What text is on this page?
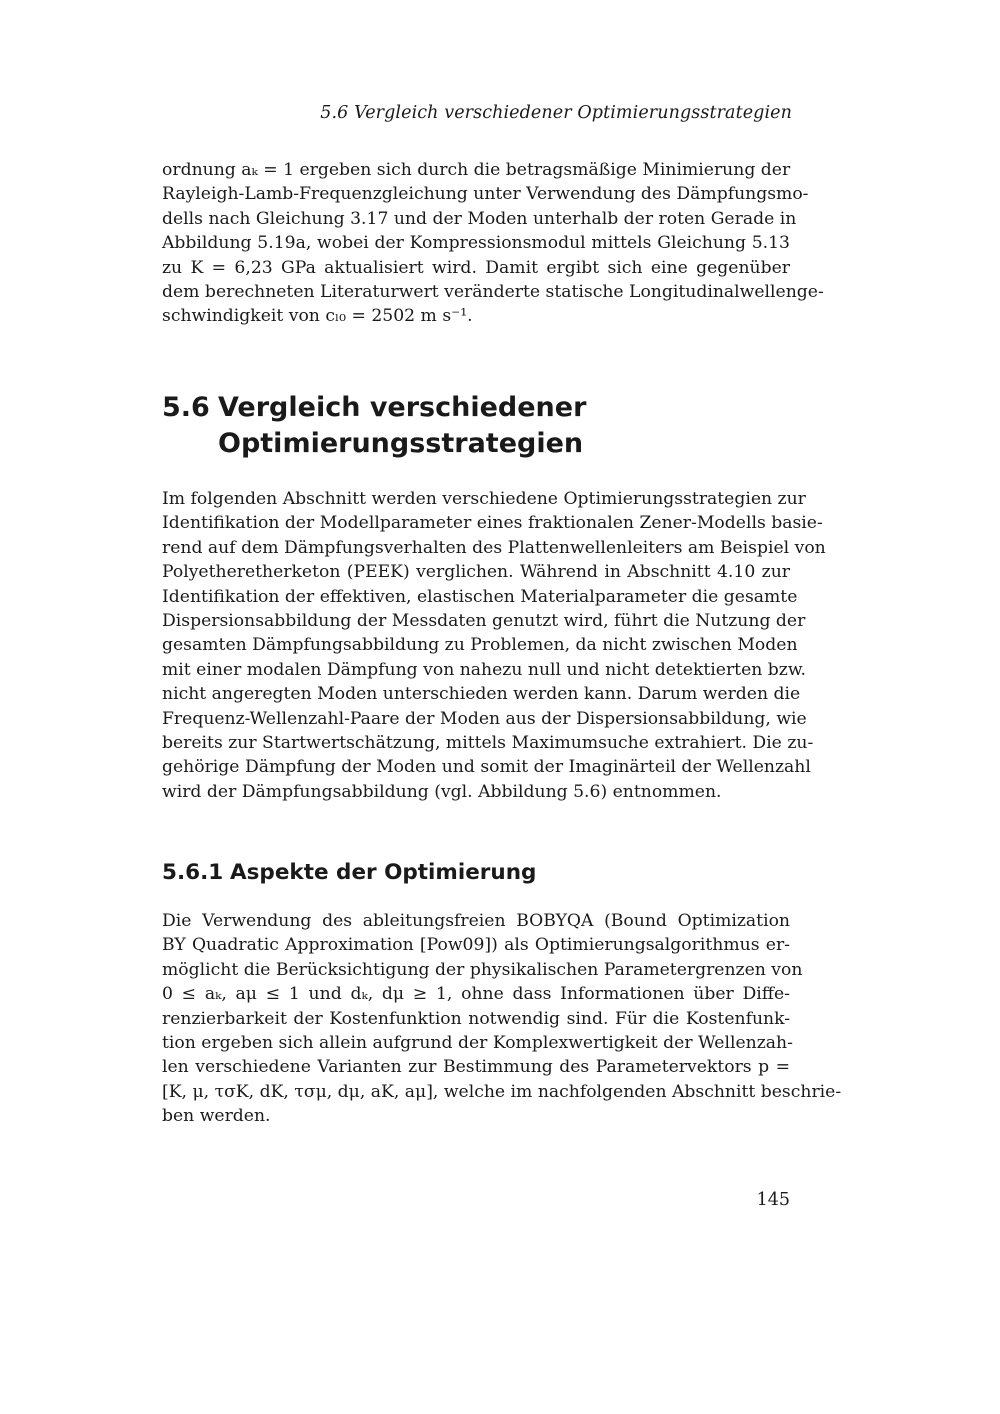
5.6 Vergleich verschiedener Optimierungsstrategien
ordnung aₖ = 1 ergeben sich durch die betragsmäßige Minimierung der
Rayleigh-Lamb-Frequenzgleichung unter Verwendung des Dämpfungsmo-
dells nach Gleichung 3.17 und der Moden unterhalb der roten Gerade in
Abbildung 5.19a, wobei der Kompressionsmodul mittels Gleichung 5.13
zu K = 6,23 GPa aktualisiert wird. Damit ergibt sich eine gegenüber
dem berechneten Literaturwert veränderte statische Longitudinalwellenge-
schwindigkeit von cₗ₀ = 2502 m s⁻¹.
5.6 Vergleich verschiedener
Optimierungsstrategien
Im folgenden Abschnitt werden verschiedene Optimierungsstrategien zur
Identifikation der Modellparameter eines fraktionalen Zener-Modells basie-
rend auf dem Dämpfungsverhalten des Plattenwellenleiters am Beispiel von
Polyetheretherketon (PEEK) verglichen. Während in Abschnitt 4.10 zur
Identifikation der effektiven, elastischen Materialparameter die gesamte
Dispersionsabbildung der Messdaten genutzt wird, führt die Nutzung der
gesamten Dämpfungsabbildung zu Problemen, da nicht zwischen Moden
mit einer modalen Dämpfung von nahezu null und nicht detektierten bzw.
nicht angeregten Moden unterschieden werden kann. Darum werden die
Frequenz-Wellenzahl-Paare der Moden aus der Dispersionsabbildung, wie
bereits zur Startwertschätzung, mittels Maximumsuche extrahiert. Die zu-
gehörige Dämpfung der Moden und somit der Imaginärteil der Wellenzahl
wird der Dämpfungsabbildung (vgl. Abbildung 5.6) entnommen.
5.6.1 Aspekte der Optimierung
Die Verwendung des ableitungsfreien BOBYQA (Bound Optimization
BY Quadratic Approximation [Pow09]) als Optimierungsalgorithmus er-
möglicht die Berücksichtigung der physikalischen Parametergrenzen von
0 ≤ aₖ, aμ ≤ 1 und dₖ, dμ ≥ 1, ohne dass Informationen über Diffe-
renzierbarkeit der Kostenfunktion notwendig sind. Für die Kostenfunk-
tion ergeben sich allein aufgrund der Komplexwertigkeit der Wellenzah-
len verschiedene Varianten zur Bestimmung des Parametervektors p =
[K, μ, τσK, dK, τσμ, dμ, aK, aμ], welche im nachfolgenden Abschnitt beschrie-
ben werden.
145
